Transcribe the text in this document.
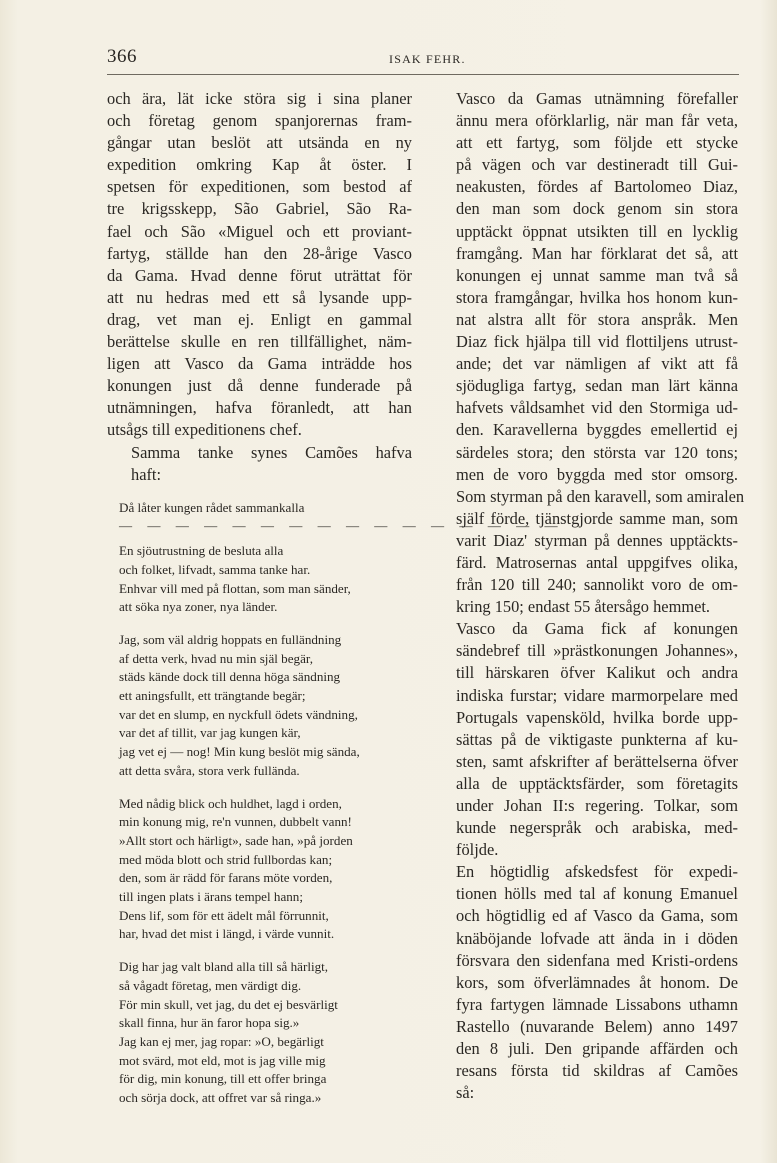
366	ISAK FEHR.

och ära, lät icke störa sig i sina planer
och företag genom spanjorernas fram-
gångar utan beslöt att utsända en ny
expedition omkring Kap åt öster. I
spetsen för expeditionen, som bestod af
tre krigsskepp, São Gabriel, São Ra-
fael och São «Miguel och ett proviant-
fartyg, ställde han den 28-årige Vasco
da Gama. Hvad denne förut uträttat för
att nu hedras med ett så lysande upp-
drag, vet man ej. Enligt en gammal
berättelse skulle en ren tillfällighet, näm-
ligen att Vasco da Gama inträdde hos
konungen just då denne funderade på
utnämningen, hafva föranledt, att han
utsågs till expeditionens chef.

Samma tanke synes Camões hafva
haft:

Då låter kungen rådet sammankalla
— — — — — — — — — — — — — — — —
En sjöutrustning de besluta alla
och folket, lifvadt, samma tanke har.
Enhvar vill med på flottan, som man sänder,
att söka nya zoner, nya länder.
Jag, som väl aldrig hoppats en fulländning
af detta verk, hvad nu min själ begär,
städs kände dock till denna höga sändning
ett aningsfullt, ett trängtande begär;
var det en slump, en nyckfull ödets vändning,
var det af tillit, var jag kungen kär,
jag vet ej — nog! Min kung beslöt mig sända,
att detta svåra, stora verk fullända.
Med nådig blick och huldhet, lagd i orden,
min konung mig, re'n vunnen, dubbelt vann!
»Allt stort och härligt», sade han, »på jorden
med möda blott och strid fullbordas kan;
den, som är rädd för farans möte vorden,
till ingen plats i ärans tempel hann;
Dens lif, som för ett ädelt mål förrunnit,
har, hvad det mist i längd, i värde vunnit.
Dig har jag valt bland alla till så härligt,
så vågadt företag, men värdigt dig.
För min skull, vet jag, du det ej besvärligt
skall finna, hur än faror hopa sig.»
Jag kan ej mer, jag ropar: »O, begärligt
mot svärd, mot eld, mot is jag ville mig
för dig, min konung, till ett offer bringa
och sörja dock, att offret var så ringa.»

Vasco da Gamas utnämning förefaller
ännu mera oförklarlig, när man får veta,
att ett fartyg, som följde ett stycke
på vägen och var destineradt till Gui-
neakusten, fördes af Bartolomeo Diaz,
den man som dock genom sin stora
upptäckt öppnat utsikten till en lycklig
framgång. Man har förklarat det så, att
konungen ej unnat samme man två så
stora framgångar, hvilka hos honom kun-
nat alstra allt för stora anspråk. Men
Diaz fick hjälpa till vid flottiljens utrust-
ande; det var nämligen af vikt att få
sjödugliga fartyg, sedan man lärt känna
hafvets våldsamhet vid den Stormiga ud-
den. Karavellerna byggdes emellertid ej
särdeles stora; den största var 120 tons;
men de voro byggda med stor omsorg.
Som styrman på den karavell, som amiralen
själf förde, tjänstgjorde samme man, som
varit Diaz' styrman på dennes upptäckts-
färd. Matrosernas antal uppgifves olika,
från 120 till 240; sannolikt voro de om-
kring 150; endast 55 återsågo hemmet.

Vasco da Gama fick af konungen
sändebref till »prästkonungen Johannes»,
till härskaren öfver Kalikut och andra
indiska furstar; vidare marmorpelare med
Portugals vapensköld, hvilka borde upp-
sättas på de viktigaste punkterna af ku-
sten, samt afskrifter af berättelserna öfver
alla de upptäcktsfärder, som företagits
under Johan II:s regering. Tolkar, som
kunde negerspråk och arabiska, med-
följde.

En högtidlig afskedsfest för expedi-
tionen hölls med tal af konung Emanuel
och högtidlig ed af Vasco da Gama, som
knäböjande lofvade att ända in i döden
försvara den sidenfana med Kristi-ordens
kors, som öfverlämnades åt honom. De
fyra fartygen lämnade Lissabons uthamn
Rastello (nuvarande Belem) anno 1497
den 8 juli. Den gripande affärden och
resans första tid skildras af Camões
så:
